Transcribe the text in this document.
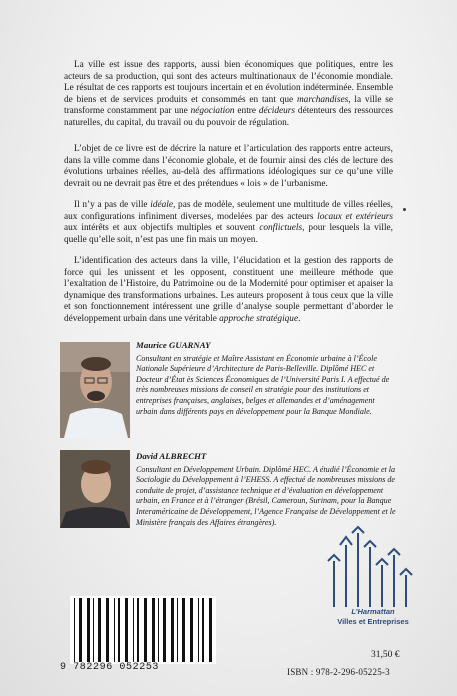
La ville est issue des rapports, aussi bien économiques que politiques, entre les acteurs de sa production, qui sont des acteurs multinationaux de l’économie mondiale. Le résultat de ces rapports est toujours incertain et en évolution indéterminée. Ensemble de biens et de services produits et consommés en tant que marchandises, la ville se transforme constamment par une négociation entre décideurs détenteurs des ressources naturelles, du capital, du travail ou du pouvoir de régulation.

L’objet de ce livre est de décrire la nature et l’articulation des rapports entre acteurs, dans la ville comme dans l’économie globale, et de fournir ainsi des clés de lecture des évolutions urbaines réelles, au-delà des affirmations idéologiques sur ce qu’une ville devrait ou ne devrait pas être et des prétendues « lois » de l’urbanisme.

Il n’y a pas de ville idéale, pas de modèle, seulement une multitude de villes réelles, aux configurations infiniment diverses, modelées par des acteurs locaux et extérieurs aux intérêts et aux objectifs multiples et souvent conflictuels, pour lesquels la ville, quelle qu’elle soit, n’est pas une fin mais un moyen.

L’identification des acteurs dans la ville, l’élucidation et la gestion des rapports de force qui les unissent et les opposent, constituent une meilleure méthode que l’exaltation de l’Histoire, du Patrimoine ou de la Modernité pour optimiser et apaiser la dynamique des transformations urbaines. Les auteurs proposent à tous ceux que la ville et son fonctionnement intéressent une grille d’analyse souple permettant d’aborder le développement urbain dans une véritable approche stratégique.

Maurice GUARNAY
Consultant en stratégie et Maître Assistant en Économie urbaine à l’École Nationale Supérieure d’Architecture de Paris-Belleville. Diplômé HEC et Docteur d’État ès Sciences Économiques de l’Université Paris I. A effectué de très nombreuses missions de conseil en stratégie pour des institutions et entreprises françaises, anglaises, belges et allemandes et d’aménagement urbain dans différents pays en développement pour la Banque Mondiale.
David ALBRECHT
Consultant en Développement Urbain. Diplômé HEC. A étudié l’Économie et la Sociologie du Développement à l’EHESS. A effectué de nombreuses missions de conduite de projet, d’assistance technique et d’évaluation en développement urbain, en France et à l’étranger (Brésil, Cameroun, Surinam, pour la Banque Interaméricaine de Développement, l’Agence Française de Développement et le Ministère français des Affaires étrangères).
L’Harmattan
Villes et Entreprises
9 782296 052253
31,50 €
ISBN : 978-2-296-05225-3
